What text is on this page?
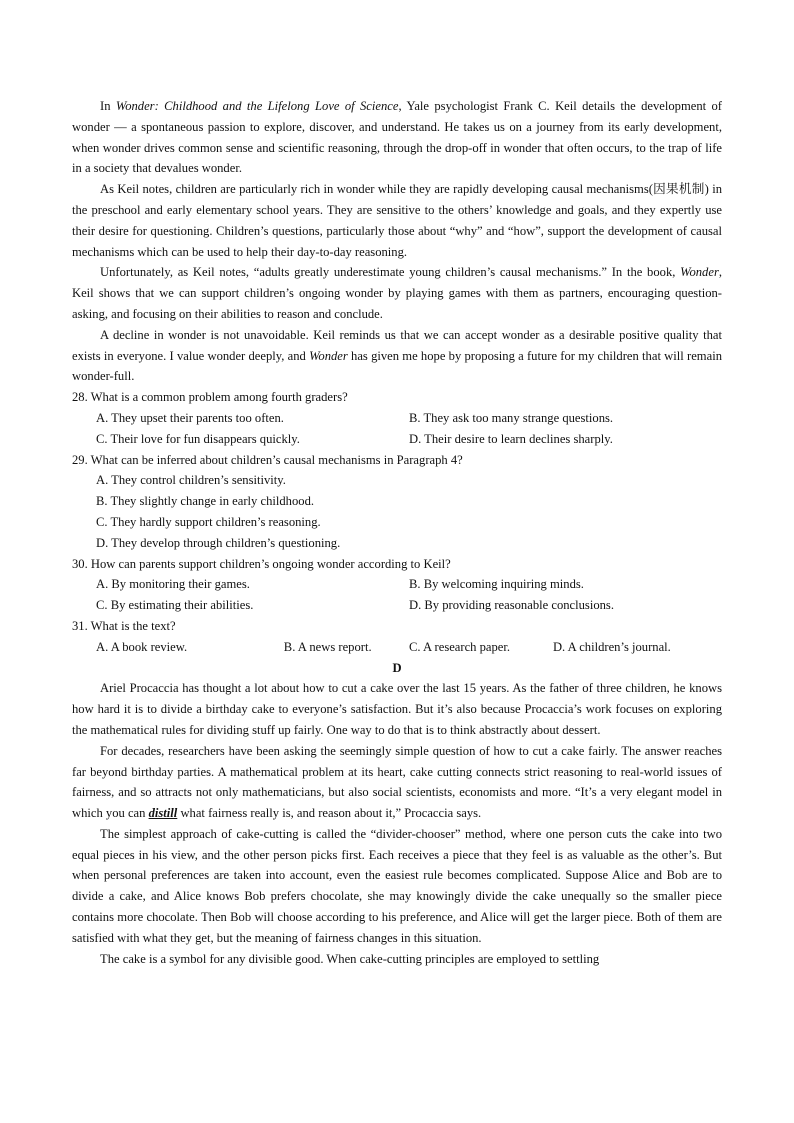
In Wonder: Childhood and the Lifelong Love of Science, Yale psychologist Frank C. Keil details the development of wonder — a spontaneous passion to explore, discover, and understand. He takes us on a journey from its early development, when wonder drives common sense and scientific reasoning, through the drop-off in wonder that often occurs, to the trap of life in a society that devalues wonder.

As Keil notes, children are particularly rich in wonder while they are rapidly developing causal mechanisms(因果机制) in the preschool and early elementary school years. They are sensitive to the others’ knowledge and goals, and they expertly use their desire for questioning. Children’s questions, particularly those about “why” and “how”, support the development of causal mechanisms which can be used to help their day-to-day reasoning.

Unfortunately, as Keil notes, “adults greatly underestimate young children’s causal mechanisms.” In the book, Wonder, Keil shows that we can support children’s ongoing wonder by playing games with them as partners, encouraging question-asking, and focusing on their abilities to reason and conclude.

A decline in wonder is not unavoidable. Keil reminds us that we can accept wonder as a desirable positive quality that exists in everyone. I value wonder deeply, and Wonder has given me hope by proposing a future for my children that will remain wonder-full.

28. What is a common problem among fourth graders?

A. They upset their parents too often.	B. They ask too many strange questions.
C. Their love for fun disappears quickly.	D. Their desire to learn declines sharply.

29. What can be inferred about children’s causal mechanisms in Paragraph 4?

A. They control children’s sensitivity.
B. They slightly change in early childhood.
C. They hardly support children’s reasoning.
D. They develop through children’s questioning.

30. How can parents support children’s ongoing wonder according to Keil?

A. By monitoring their games.	B. By welcoming inquiring minds.
C. By estimating their abilities.	D. By providing reasonable conclusions.

31. What is the text?

A. A book review.	B. A news report.	C. A research paper.	D. A children’s journal.

D

Ariel Procaccia has thought a lot about how to cut a cake over the last 15 years. As the father of three children, he knows how hard it is to divide a birthday cake to everyone’s satisfaction. But it’s also because Procaccia’s work focuses on exploring the mathematical rules for dividing stuff up fairly. One way to do that is to think abstractly about dessert.

For decades, researchers have been asking the seemingly simple question of how to cut a cake fairly. The answer reaches far beyond birthday parties. A mathematical problem at its heart, cake cutting connects strict reasoning to real-world issues of fairness, and so attracts not only mathematicians, but also social scientists, economists and more. “It’s a very elegant model in which you can distill what fairness really is, and reason about it,” Procaccia says.

The simplest approach of cake-cutting is called the “divider-chooser” method, where one person cuts the cake into two equal pieces in his view, and the other person picks first. Each receives a piece that they feel is as valuable as the other’s. But when personal preferences are taken into account, even the easiest rule becomes complicated. Suppose Alice and Bob are to divide a cake, and Alice knows Bob prefers chocolate, she may knowingly divide the cake unequally so the smaller piece contains more chocolate. Then Bob will choose according to his preference, and Alice will get the larger piece. Both of them are satisfied with what they get, but the meaning of fairness changes in this situation.

The cake is a symbol for any divisible good. When cake-cutting principles are employed to settling
